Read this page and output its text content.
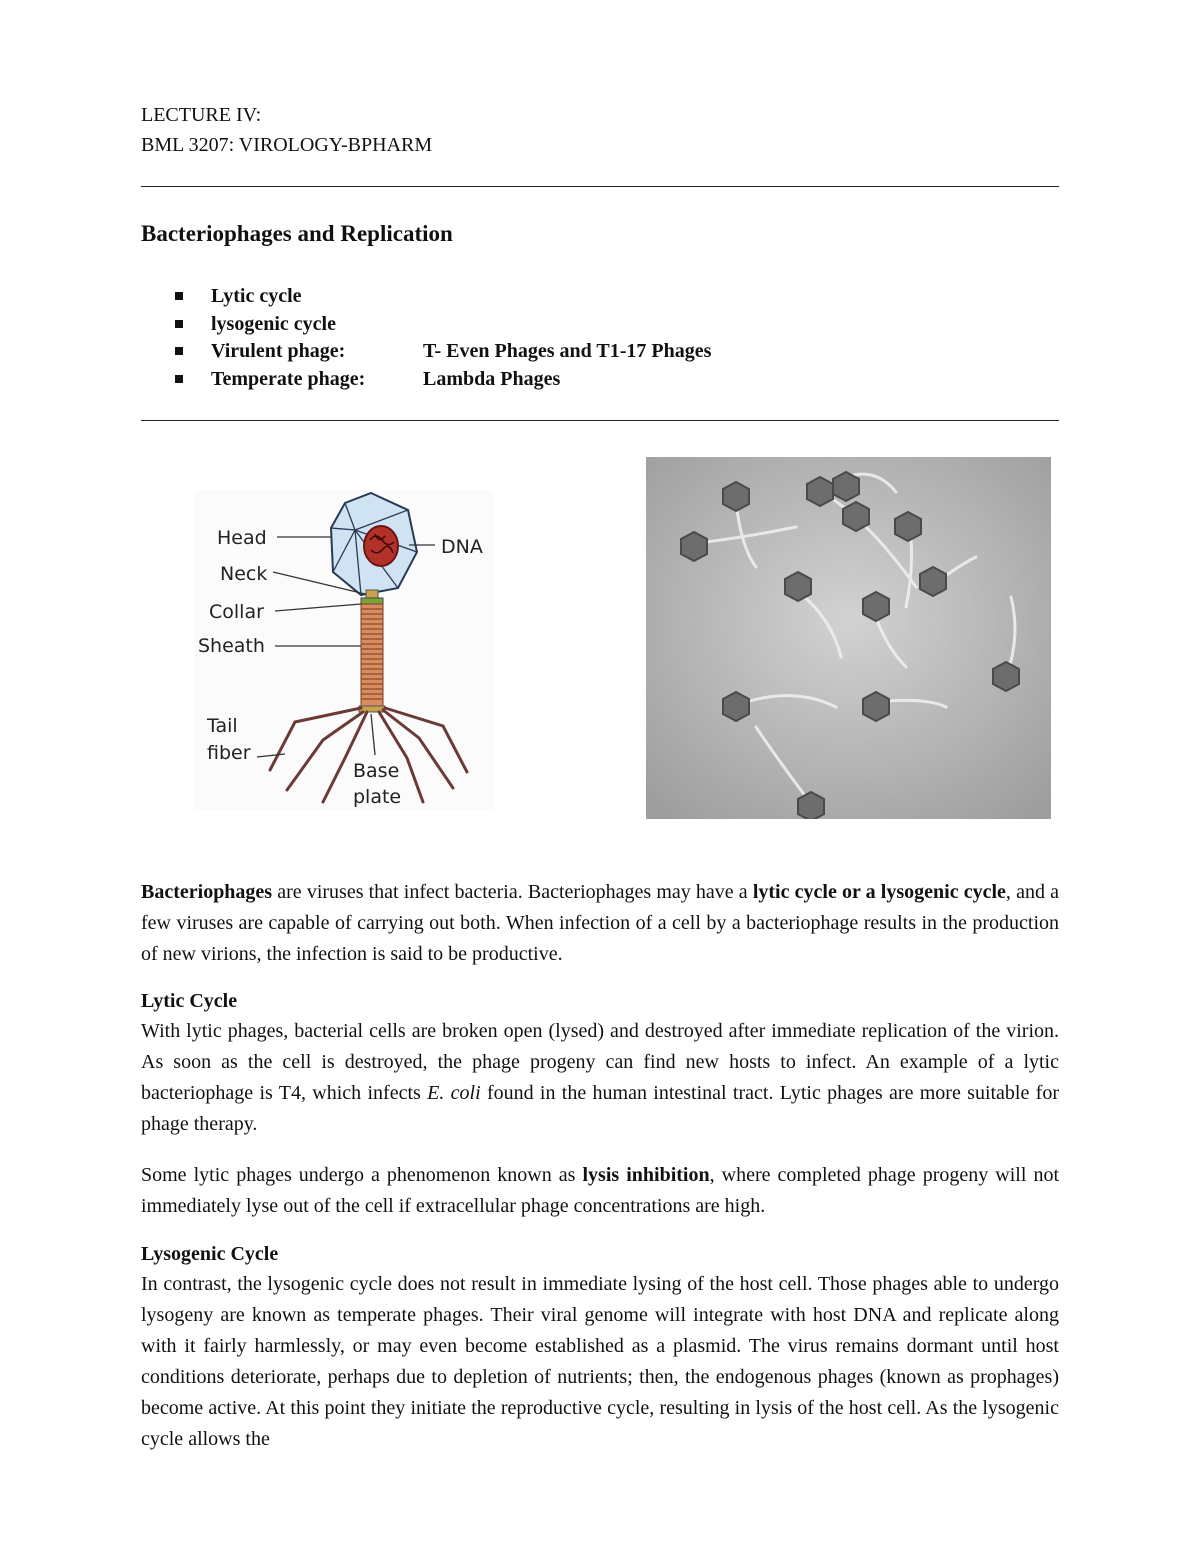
LECTURE IV:
BML 3207: VIROLOGY-BPHARM
Bacteriophages and Replication
Lytic cycle
lysogenic cycle
Virulent phage:	T- Even Phages and T1-17 Phages
Temperate phage:	Lambda Phages
Head
Neck
Collar
Sheath
Tail
fiber
DNA
Base
plate
Bacteriophages are viruses that infect bacteria. Bacteriophages may have a lytic cycle or a lysogenic cycle, and a few viruses are capable of carrying out both. When infection of a cell by a bacteriophage results in the production of new virions, the infection is said to be productive.
Lytic Cycle
With lytic phages, bacterial cells are broken open (lysed) and destroyed after immediate replication of the virion. As soon as the cell is destroyed, the phage progeny can find new hosts to infect. An example of a lytic bacteriophage is T4, which infects E. coli found in the human intestinal tract. Lytic phages are more suitable for phage therapy.
Some lytic phages undergo a phenomenon known as lysis inhibition, where completed phage progeny will not immediately lyse out of the cell if extracellular phage concentrations are high.
Lysogenic Cycle
In contrast, the lysogenic cycle does not result in immediate lysing of the host cell. Those phages able to undergo lysogeny are known as temperate phages. Their viral genome will integrate with host DNA and replicate along with it fairly harmlessly, or may even become established as a plasmid. The virus remains dormant until host conditions deteriorate, perhaps due to depletion of nutrients; then, the endogenous phages (known as prophages) become active. At this point they initiate the reproductive cycle, resulting in lysis of the host cell. As the lysogenic cycle allows the
